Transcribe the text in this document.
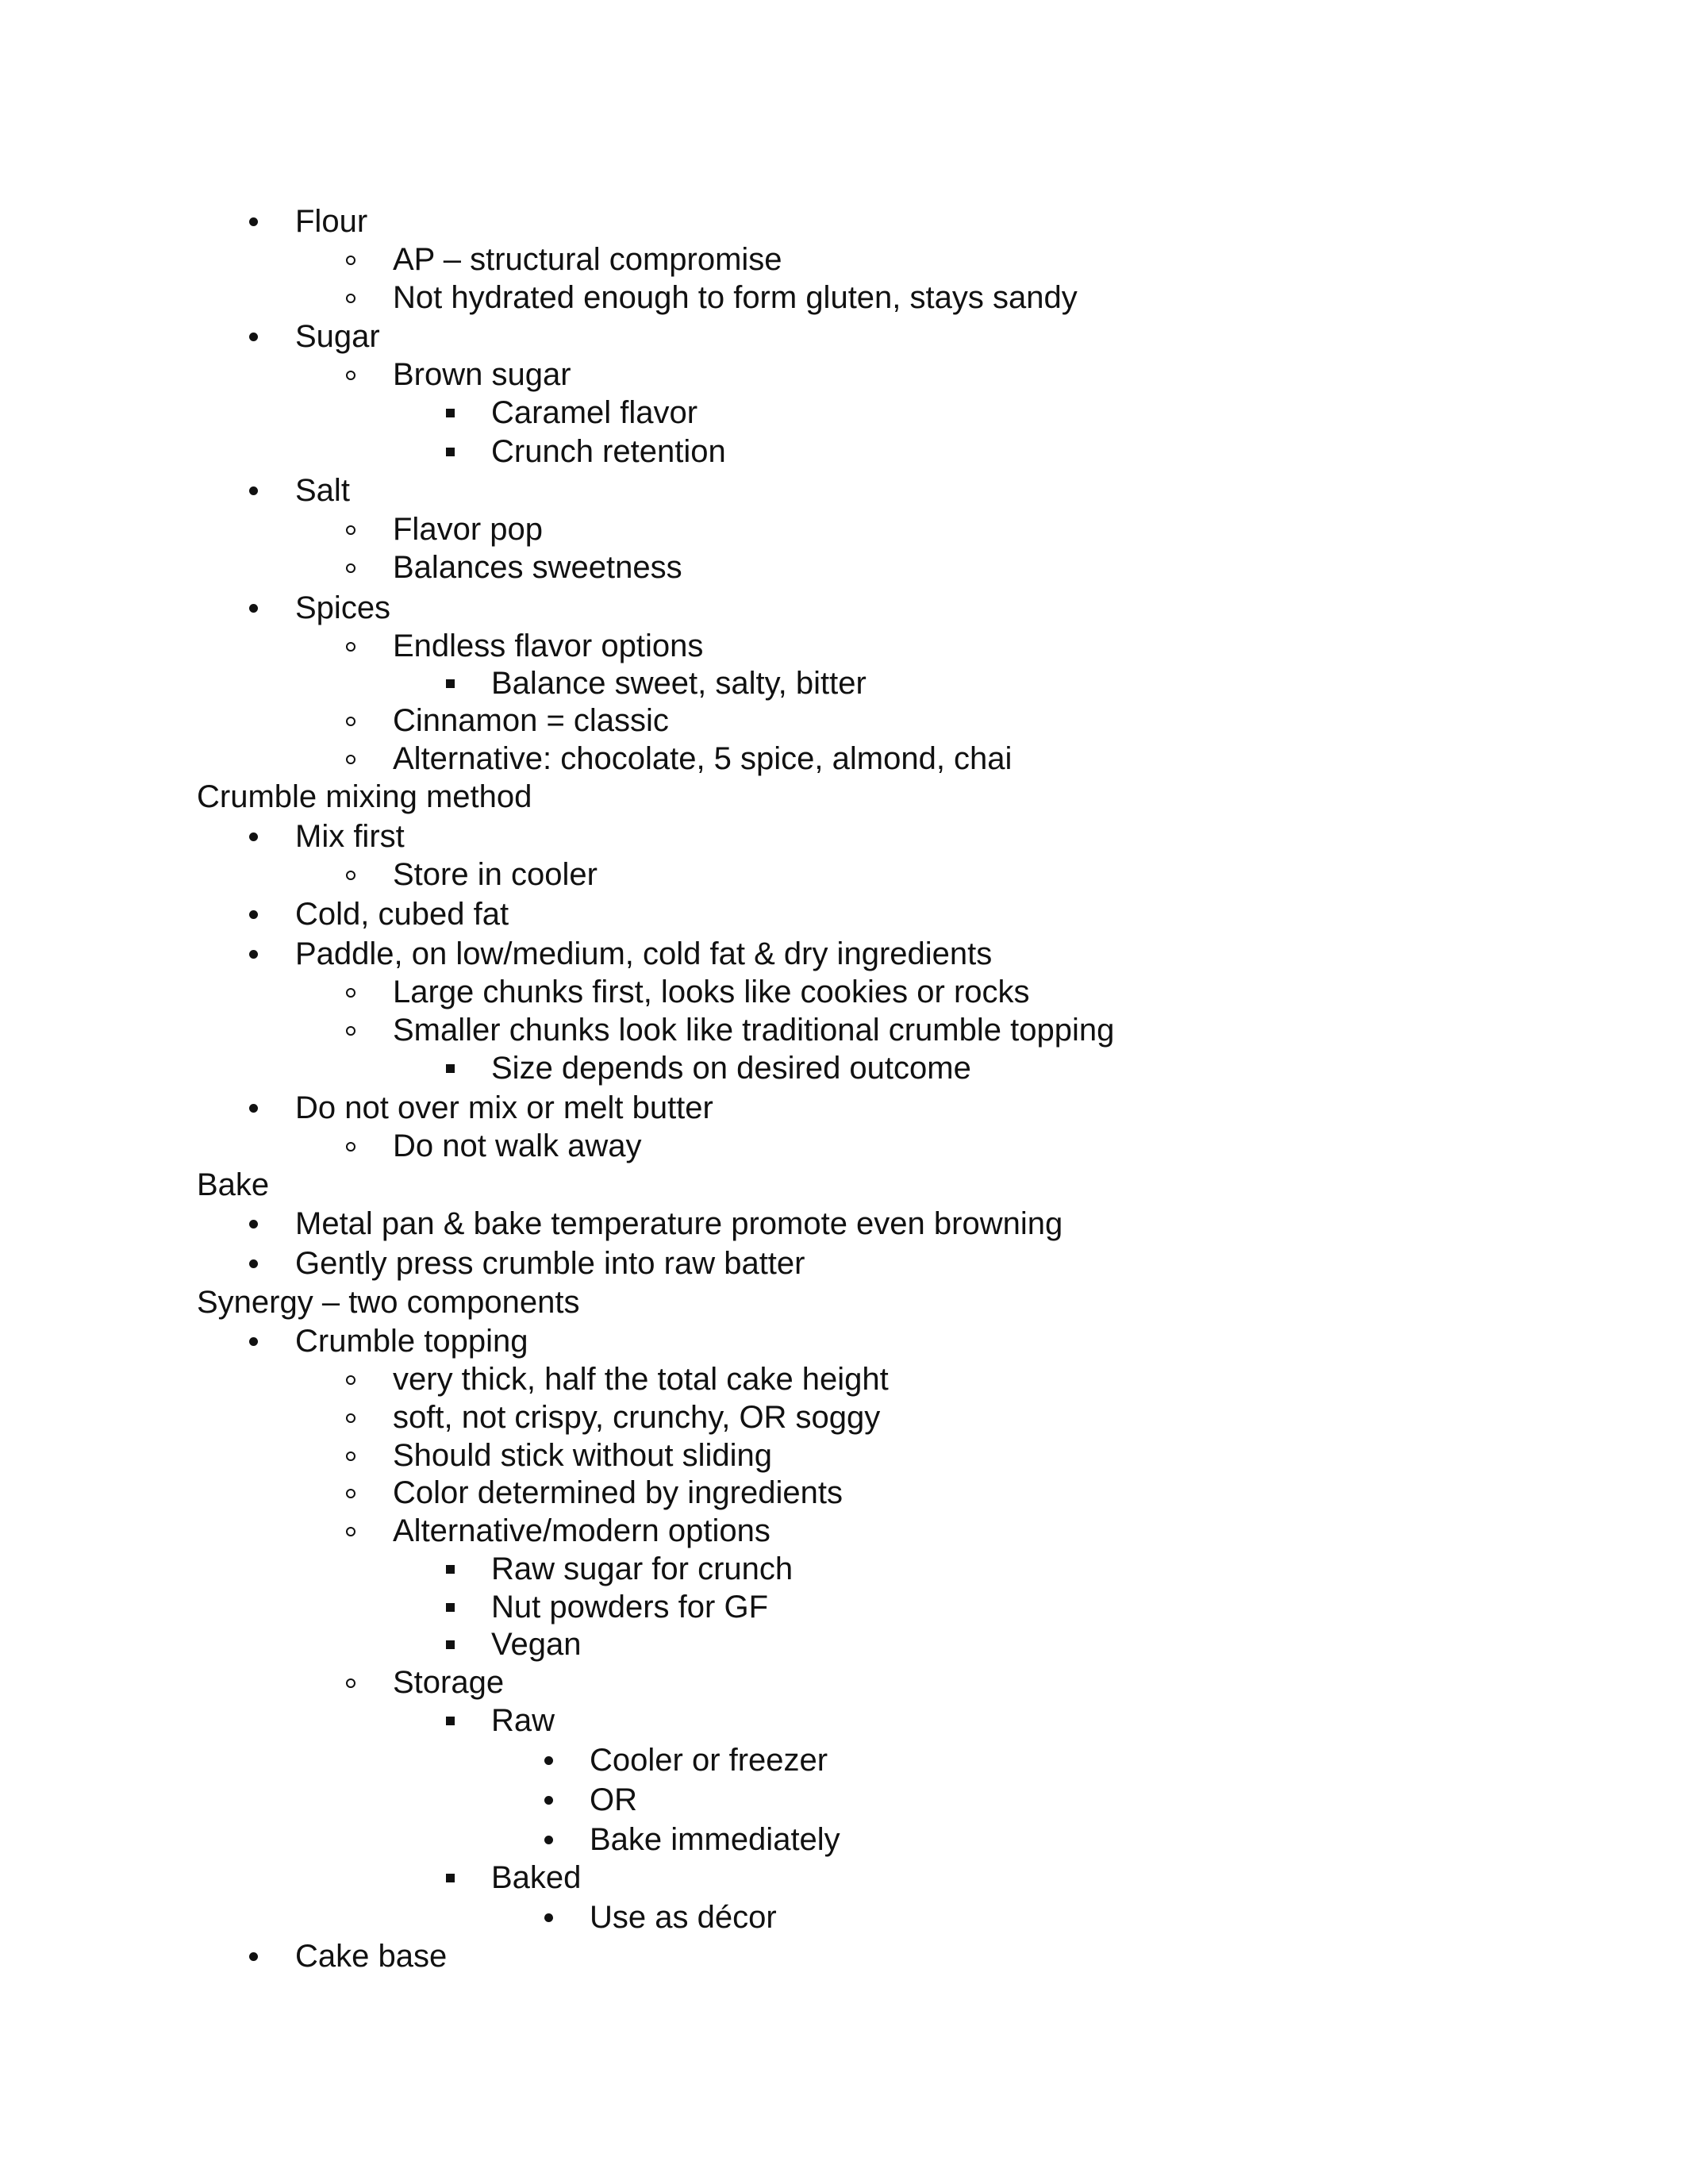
Flour
AP – structural compromise
Not hydrated enough to form gluten, stays sandy
Sugar
Brown sugar
Caramel flavor
Crunch retention
Salt
Flavor pop
Balances sweetness
Spices
Endless flavor options
Balance sweet, salty, bitter
Cinnamon = classic
Alternative: chocolate, 5 spice, almond, chai
Crumble mixing method
Mix first
Store in cooler
Cold, cubed fat
Paddle, on low/medium, cold fat & dry ingredients
Large chunks first, looks like cookies or rocks
Smaller chunks look like traditional crumble topping
Size depends on desired outcome
Do not over mix or melt butter
Do not walk away
Bake
Metal pan & bake temperature promote even browning
Gently press crumble into raw batter
Synergy – two components
Crumble topping
very thick, half the total cake height
soft, not crispy, crunchy, OR soggy
Should stick without sliding
Color determined by ingredients
Alternative/modern options
Raw sugar for crunch
Nut powders for GF
Vegan
Storage
Raw
Cooler or freezer
OR
Bake immediately
Baked
Use as décor
Cake base
